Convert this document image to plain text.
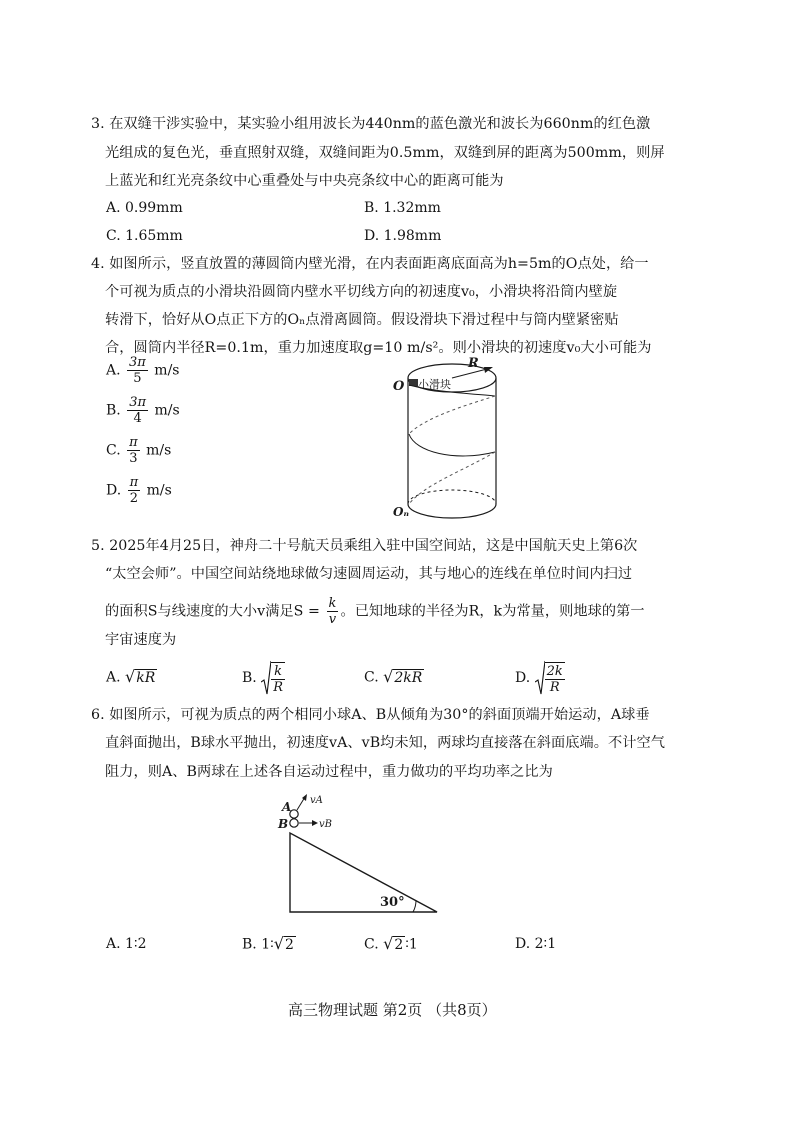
3. 在双缝干涉实验中，某实验小组用波长为440nm的蓝色激光和波长为660nm的红色激
光组成的复色光，垂直照射双缝，双缝间距为0.5mm，双缝到屏的距离为500mm，则屏
上蓝光和红光亮条纹中心重叠处与中央亮条纹中心的距离可能为
A. 0.99mm	B. 1.32mm
C. 1.65mm	D. 1.98mm
4. 如图所示，竖直放置的薄圆筒内壁光滑，在内表面距离底面高为h=5m的O点处，给一
个可视为质点的小滑块沿圆筒内壁水平切线方向的初速度v₀，小滑块将沿筒内壁旋
转滑下，恰好从O点正下方的Oₙ点滑离圆筒。假设滑块下滑过程中与筒内壁紧密贴
合，圆筒内半径R=0.1m，重力加速度取g=10 m/s²。则小滑块的初速度v₀大小可能为
A. $\frac{3\pi}{5} m/s$
B. $\frac{3\pi}{4} m/s$
C. $\frac{\pi}{3} m/s$
D. $\frac{\pi}{2} m/s$
R
小滑块
O
Oₙ
5. 2025年4月25日，神舟二十号航天员乘组入驻中国空间站，这是中国航天史上第6次
“太空会师”。中国空间站绕地球做匀速圆周运动，其与地心的连线在单位时间内扫过
的面积S与线速度的大小v满足$S = \frac{k}{v}$ 。已知地球的半径为R，k为常量，则地球的第一
宇宙速度为
A. √kR	B. $\frac{k}{R}$	C. √2kR	D. $\frac{2k}{R}$
6. 如图所示，可视为质点的两个相同小球A、B从倾角为30°的斜面顶端开始运动，A球垂
直斜面抛出，B球水平抛出，初速度vA、vB均未知，两球均直接落在斜面底端。不计空气
阻力，则A、B两球在上述各自运动过程中，重力做功的平均功率之比为
30°
A
B
vA
vB
A. 1∶2	B. 1∶√2	C. √2 ∶1	D. 2∶1
高三物理试题 第2页 （共8页）
